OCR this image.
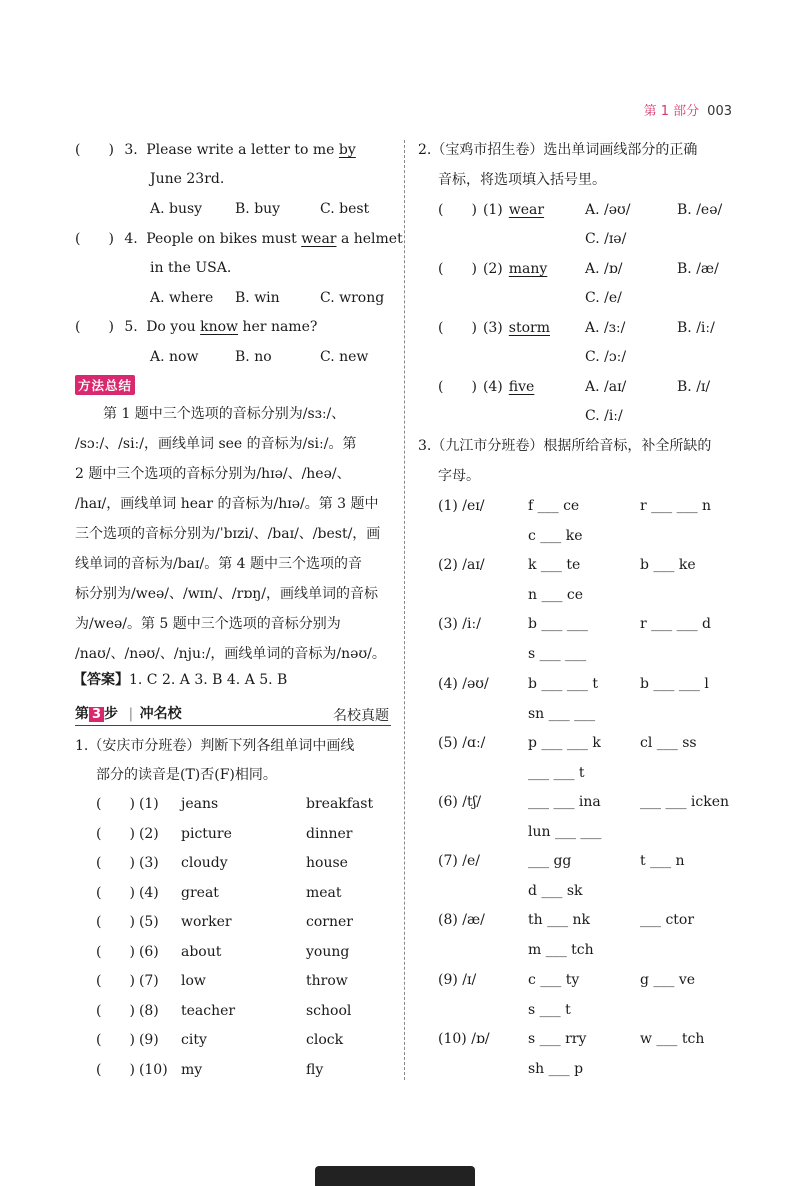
第 1 部分 003
(　　) 3. Please write a letter to me by
June 23rd.
A. busy B. buy	C. best
(　　) 4. People on bikes must wear a helmet
in the USA.
A. where B. win	C. wrong
(　　) 5. Do you know her name?
A. now	B. no	C. new
方法总结
　　第 1 题中三个选项的音标分别为/sɜː/、
/sɔː/、/siː/，画线单词 see 的音标为/siː/。第
2 题中三个选项的音标分别为/hɪə/、/heə/、
/haɪ/，画线单词 hear 的音标为/hɪə/。第 3 题中
三个选项的音标分别为/ˈbɪzi/、/baɪ/、/best/，画
线单词的音标为/baɪ/。第 4 题中三个选项的音
标分别为/weə/、/wɪn/、/rɒŋ/，画线单词的音标
为/weə/。第 5 题中三个选项的音标分别为
/naʊ/、/nəʊ/、/njuː/，画线单词的音标为/nəʊ/。
【答案】1. C 2. A 3. B 4. A 5. B
第 3 步 | 冲名校	名校真题
1.（安庆市分班卷）判断下列各组单词中画线
部分的读音是(T)否(F)相同。
(　　) (1) jeans	breakfast
(　　) (2) picture	dinner
(　　) (3) cloudy	house
(　　) (4) great	meat
(　　) (5) worker	corner
(　　) (6) about	young
(　　) (7) low	throw
(　　) (8) teacher	school
(　　) (9) city	clock
(　　) (10) my	fly
2.（宝鸡市招生卷）选出单词画线部分的正确
音标，将选项填入括号里。
(　　) (1) wear	A. /əʊ/	B. /eə/
C. /ɪə/
(　　) (2) many	A. /ɒ/	B. /æ/
C. /e/
(　　) (3) storm	A. /ɜː/	B. /iː/
C. /ɔː/
(　　) (4) five	A. /aɪ/	B. /ɪ/
C. /iː/
3.（九江市分班卷）根据所给音标，补全所缺的
字母。
(1) /eɪ/	f ___ ce	r ___ ___ n
c ___ ke
(2) /aɪ/	k ___ te	b ___ ke
n ___ ce
(3) /iː/	b ___ ___	r ___ ___ d
s ___ ___
(4) /əʊ/	b ___ ___ t	b ___ ___ l
sn ___ ___
(5) /ɑː/	p ___ ___ k	cl ___ ss
___ ___ t
(6) /tʃ/	___ ___ ina	___ ___ icken
lun ___ ___
(7) /e/	___ gg	t ___ n
d ___ sk
(8) /æ/	th ___ nk	___ ctor
m ___ tch
(9) /ɪ/	c ___ ty	g ___ ve
s ___ t
(10) /ɒ/	s ___ rry	w ___ tch
sh ___ p
